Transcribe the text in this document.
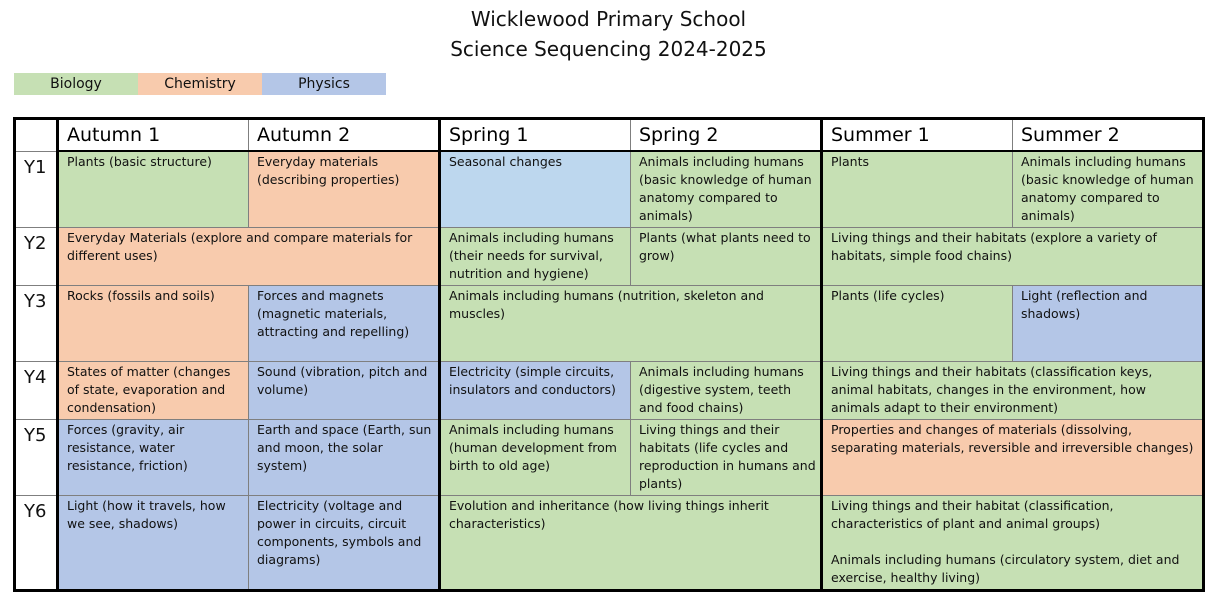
Wicklewood Primary School
Science Sequencing 2024-2025
Biology	Chemistry	Physics
	Autumn 1	Autumn 2	Spring 1	Spring 2	Summer 1	Summer 2
Y1	Plants (basic structure)	Everyday materials (describing properties)	Seasonal changes	Animals including humans (basic knowledge of human anatomy compared to animals)	Plants	Animals including humans (basic knowledge of human anatomy compared to animals)
Y2	Everyday Materials (explore and compare materials for different uses)		Animals including humans (their needs for survival, nutrition and hygiene)	Plants (what plants need to grow)	Living things and their habitats (explore a variety of habitats, simple food chains)	
Y3	Rocks (fossils and soils)	Forces and magnets (magnetic materials, attracting and repelling)	Animals including humans (nutrition, skeleton and muscles)		Plants (life cycles)	Light (reflection and shadows)
Y4	States of matter (changes of state, evaporation and condensation)	Sound (vibration, pitch and volume)	Electricity (simple circuits, insulators and conductors)	Animals including humans (digestive system, teeth and food chains)	Living things and their habitats (classification keys, animal habitats, changes in the environment, how animals adapt to their environment)	
Y5	Forces (gravity, air resistance, water resistance, friction)	Earth and space (Earth, sun and moon, the solar system)	Animals including humans (human development from birth to old age)	Living things and their habitats (life cycles and reproduction in humans and plants)	Properties and changes of materials (dissolving, separating materials, reversible and irreversible changes)	
Y6	Light (how it travels, how we see, shadows)	Electricity (voltage and power in circuits, circuit components, symbols and diagrams)	Evolution and inheritance (how living things inherit characteristics)		Living things and their habitat (classification, characteristics of plant and animal groups)
Animals including humans (circulatory system, diet and exercise, healthy living)	
